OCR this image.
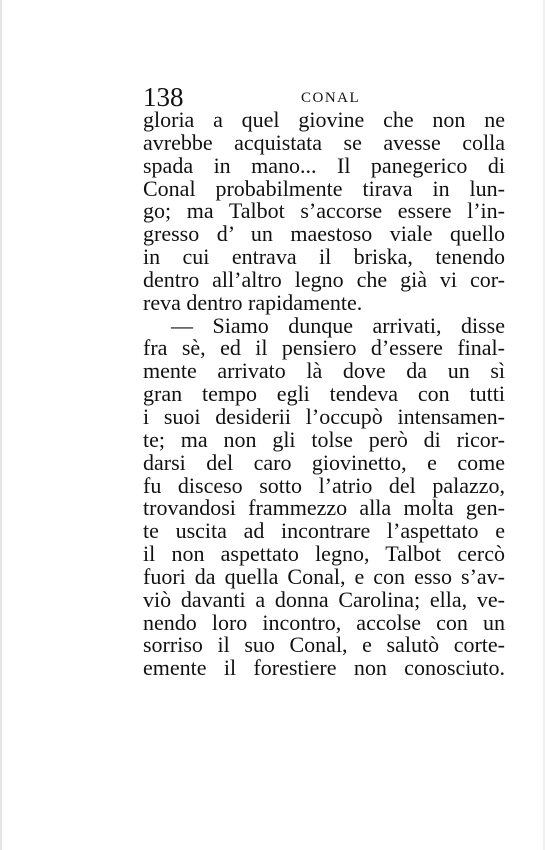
138	CONAL
gloria a quel giovine che non ne
avrebbe acquistata se avesse colla
spada in mano... Il panegerico di
Conal probabilmente tirava in lun-
go; ma Talbot s’accorse essere l’in-
gresso d’ un maestoso viale quello
in cui entrava il briska, tenendo
dentro all’altro legno che già vi cor-
reva dentro rapidamente.
— Siamo dunque arrivati, disse
fra sè, ed il pensiero d’essere final-
mente arrivato là dove da un sì
gran tempo egli tendeva con tutti
i suoi desiderii l’occupò intensamen-
te; ma non gli tolse però di ricor-
darsi del caro giovinetto, e come
fu disceso sotto l’atrio del palazzo,
trovandosi frammezzo alla molta gen-
te uscita ad incontrare l’aspettato e
il non aspettato legno, Talbot cercò
fuori da quella Conal, e con esso s’av-
viò davanti a donna Carolina; ella, ve-
nendo loro incontro, accolse con un
sorriso il suo Conal, e salutò corte-
emente il forestiere non conosciuto.
